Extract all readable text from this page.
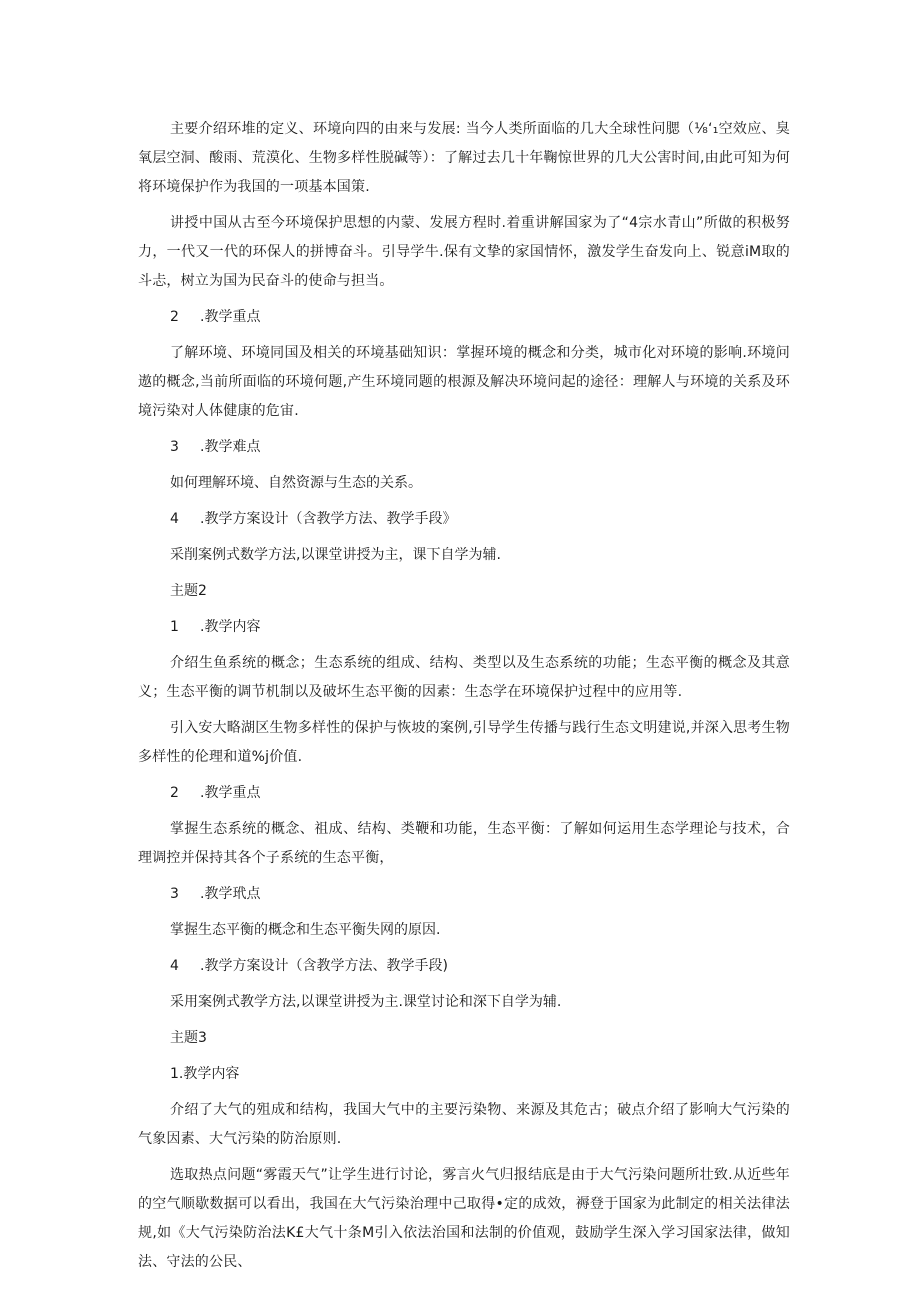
主要介绍环堆的定义、环境向四的由来与发展: 当今人类所面临的几大全球性问腮（⅛‘₁空效应、臭氧层空洞、酸雨、荒漠化、生物多样性脱碱等）：了解过去几十年鞠惊世界的几大公害时间,由此可知为何将环境保护作为我国的一项基本国策.
讲授中国从古至今环境保护思想的内蒙、发展方程时.着重讲解国家为了“4宗水青山”所做的积极努力，一代又一代的环保人的拼博奋斗。引导学牛.保有文挚的家国情怀，激发学生奋发向上、锐意iM取的斗忐，树立为国为民奋斗的使命与担当。
2 .教学重点
了解环境、环境同国及相关的环境基础知识：掌握环境的概念和分类，城市化对环境的影响.环境问遨的概念,当前所面临的环境何题,产生环境同题的根源及解决环境问起的途径：理解人与环境的关系及环境污染对人体健康的危宙.
3 .教学难点
如何理解环境、自然资源与生态的关系。
4 .教学方案设计（含教学方法、教学手段》
采削案例式数学方法,以课堂讲授为主，课下自学为辅.
主题2
1 .教学内容
介绍生鱼系统的概念；生态系统的组成、结构、类型以及生态系统的功能；生态平衡的概念及其意义；生态平衡的调节机制以及破坏生态平衡的因素：生态学在环境保护过程中的应用等.
引入安大略湖区生物多样性的保护与恢坡的案例,引导学生传播与践行生态文明建说,并深入思考生物多样性的伦理和道%j价值.
2 .教学重点
掌握生态系统的概念、祖成、结构、类鞭和功能，生态平衡：了解如何运用生态学理论与技术，合理调控并保持其各个子系统的生态平衡，
3 .教学玳点
掌握生态平衡的概念和生态平衡失网的原因.
4 .教学方案设计（含教学方法、教学手段)
采用案例式教学方法,以课堂讲授为主.课堂讨论和深下自学为辅.
主题3
1.教学内容
介绍了大气的殂成和结构，我国大气中的主要污染物、来源及其危古；破点介绍了影响大气污染的气象因素、大气污染的防治原则.
选取热点问题“雾霞天气”让学生进行讨论，雾言火气归报结底是由于大气污染问题所壮致.从近些年的空气顺歇数据可以看出，我国在大气污染治理中己取得•定的成效，褥登于国家为此制定的相关法律法规,如《大气污染防治法K£大气十条M引入依法治国和法制的价值观，鼓励学生深入学习国家法律，做知法、守法的公民、
